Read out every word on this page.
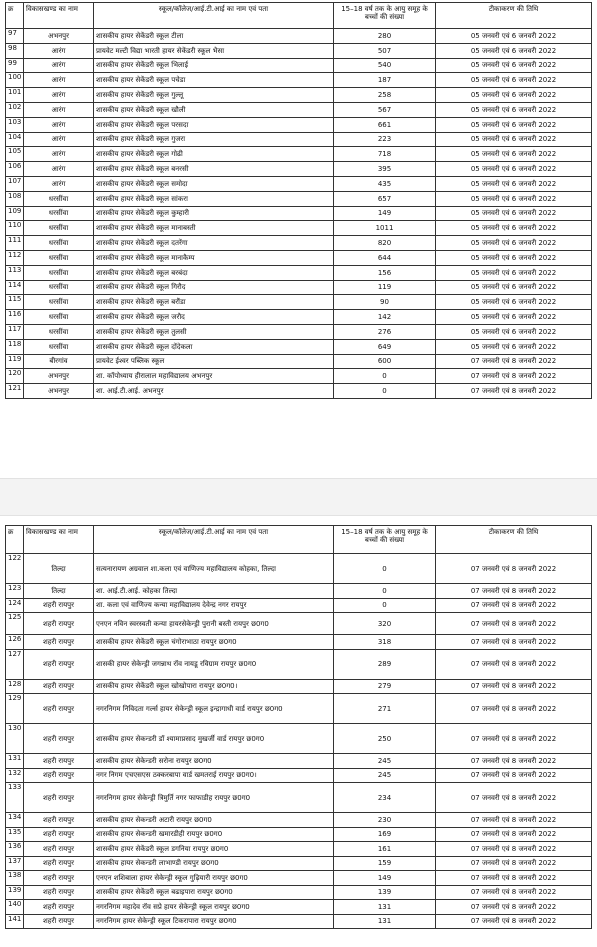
क्र	विकासखण्ड का नाम	स्कूल/कॉलेज/आई.टी.आई का नाम एवं पता	15–18 वर्ष तक के आयु समूह के बच्चों की संख्या	टीकाकरण की तिथि
97	अभनपुर	शासकीय हायर सेकेंडरी स्कूल टीला	280	05 जनवरी एवं 6 जनवरी 2022
98	आरंग	प्रायवेट मल्टी विद्या भारती हायर सेकेंडरी स्कूल भैसा	507	05 जनवरी एवं 6 जनवरी 2022
99	आरंग	शासकीय हायर सेकेंडरी स्कूल भिलाई	540	05 जनवरी एवं 6 जनवरी 2022
100	आरंग	शासकीय हायर सेकेंडरी स्कूल पचेडा	187	05 जनवरी एवं 6 जनवरी 2022
101	आरंग	शासकीय हायर सेकेंडरी स्कूल गुल्लू	258	05 जनवरी एवं 6 जनवरी 2022
102	आरंग	शासकीय हायर सेकेंडरी स्कूल खौली	567	05 जनवरी एवं 6 जनवरी 2022
103	आरंग	शासकीय हायर सेकेंडरी स्कूल परसदा	661	05 जनवरी एवं 6 जनवरी 2022
104	आरंग	शासकीय हायर सेकेंडरी स्कूल गुजरा	223	05 जनवरी एवं 6 जनवरी 2022
105	आरंग	शासकीय हायर सेकेंडरी स्कूल गोढी	718	05 जनवरी एवं 6 जनवरी 2022
106	आरंग	शासकीय हायर सेकेंडरी स्कूल बनरसी	395	05 जनवरी एवं 6 जनवरी 2022
107	आरंग	शासकीय हायर सेकेंडरी स्कूल समोदा	435	05 जनवरी एवं 6 जनवरी 2022
108	धरसींवा	शासकीय हायर सेकेंडरी स्कूल सांकरा	657	05 जनवरी एवं 6 जनवरी 2022
109	धरसींवा	शासकीय हायर सेकेंडरी स्कूल कुम्हारी	149	05 जनवरी एवं 6 जनवरी 2022
110	धरसींवा	शासकीय हायर सेकेंडरी स्कूल मानाबस्ती	1011	05 जनवरी एवं 6 जनवरी 2022
111	धरसींवा	शासकीय हायर सेकेंडरी स्कूल दतरेंगा	820	05 जनवरी एवं 6 जनवरी 2022
112	धरसींवा	शासकीय हायर सेकेंडरी स्कूल मानाकैम्प	644	05 जनवरी एवं 6 जनवरी 2022
113	धरसींवा	शासकीय हायर सेकेंडरी स्कूल बरबंदा	156	05 जनवरी एवं 6 जनवरी 2022
114	धरसींवा	शासकीय हायर सेकेंडरी स्कूल गिरौद	119	05 जनवरी एवं 6 जनवरी 2022
115	धरसींवा	शासकीय हायर सेकेंडरी स्कूल बरौंडा	90	05 जनवरी एवं 6 जनवरी 2022
116	धरसींवा	शासकीय हायर सेकेंडरी स्कूल जरौद	142	05 जनवरी एवं 6 जनवरी 2022
117	धरसींवा	शासकीय हायर सेकेंडरी स्कूल तुलसी	276	05 जनवरी एवं 6 जनवरी 2022
118	धरसींवा	शासकीय हायर सेकेंडरी स्कूल दोंदेकला	649	05 जनवरी एवं 6 जनवरी 2022
119	बीरगांव	प्रायवेट ईश्वर पब्लिक स्कूल	600	07 जनवरी एवं 8 जनवरी 2022
120	अभनपुर	शा. कॉपोध्याय हीरालाल महाविद्यालय अभनपुर	0	07 जनवरी एवं 8 जनवरी 2022
121	अभनपुर	शा. आई.टी.आई. अभनपुर	0	07 जनवरी एवं 8 जनवरी 2022
क्र	विकासखण्ड का नाम	स्कूल/कॉलेज/आई.टी.आई का नाम एवं पता	15–18 वर्ष तक के आयु समूह के बच्चों की संख्या	टीकाकरण की तिथि
122	तिल्दा	सत्यनारायण अग्रवाल शा.कला एवं वाणिज्य महाविद्यालय कोहका, तिल्दा	0	07 जनवरी एवं 8 जनवरी 2022
123	तिल्दा	शा. आई.टी.आई. कोहका तिल्दा	0	07 जनवरी एवं 8 जनवरी 2022
124	शहरी रायपुर	शा. कला एवं वाणिज्य कन्या महाविद्यालय देवेन्द्र नगर रायपुर	0	07 जनवरी एवं 8 जनवरी 2022
125	शहरी रायपुर	एनएन नविन स्वरस्वती कन्या हायरसेकेन्ड्री पुरानी बस्ती रायपुर छ0ग0	320	07 जनवरी एवं 8 जनवरी 2022
126	शहरी रायपुर	शासकीय हायर सेकेंडरी स्कूल चंगोराभाठा रायपुर छ0ग0	318	07 जनवरी एवं 8 जनवरी 2022
127	शहरी रायपुर	शासकी हायर सेकेन्ड्री जगन्नाथ रॉव नायडू रविग्राम रायपुर छ0ग0	289	07 जनवरी एवं 8 जनवरी 2022
128	शहरी रायपुर	शासकीय हायर सेकेंडरी स्कूल खोखोपारा रायपुर छ0ग0।	279	07 जनवरी एवं 8 जनवरी 2022
129	शहरी रायपुर	नगरनिगम निविदता गर्ल्स हायर सेकेन्ड्री स्कूल इन्द्रागाधी वार्ड रायपुर छ0ग0	271	07 जनवरी एवं 8 जनवरी 2022
130	शहरी रायपुर	शासकीय हायर सेकन्डरी डॉ श्यामाप्रसाद मुखर्जी वार्ड रायपुर छ0ग0	250	07 जनवरी एवं 8 जनवरी 2022
131	शहरी रायपुर	शासकीय हायर सेकेन्डरी सरोना रायपुर छ0ग0	245	07 जनवरी एवं 8 जनवरी 2022
132	शहरी रायपुर	नगर निगम एचएसएस ठक्करबापा वार्ड खमतराई रायपुर छ0ग0।	245	07 जनवरी एवं 8 जनवरी 2022
133	शहरी रायपुर	नगरनिगम हायर सेकेन्ड्री त्रिमुर्ति नगर फाफाडीह रायपुर छ0ग0	234	07 जनवरी एवं 8 जनवरी 2022
134	शहरी रायपुर	शासकीय हायर सेकन्डरी अटारी रायपुर छ0ग0	230	07 जनवरी एवं 8 जनवरी 2022
135	शहरी रायपुर	शासकीय हायर सेकन्डरी खमारडीही रायपुर छ0ग0	169	07 जनवरी एवं 8 जनवरी 2022
136	शहरी रायपुर	शासकीय हायर सेकेंडरी स्कूल डगनिया रायपुर छ0ग0	161	07 जनवरी एवं 8 जनवरी 2022
137	शहरी रायपुर	शासकीय हायर सेकन्डरी लाभाण्डी रायपुर छ0ग0	159	07 जनवरी एवं 8 जनवरी 2022
138	शहरी रायपुर	एनएन शशिबाला हायर सेकेन्ड्री स्कूल गुढ़ियारी रायपुर छ0ग0	149	07 जनवरी एवं 8 जनवरी 2022
139	शहरी रायपुर	शासकीय हायर सेकेंडरी स्कूल बढाइपारा रायपुर छ0ग0	139	07 जनवरी एवं 8 जनवरी 2022
140	शहरी रायपुर	नगरनिगम महादेव रॉव सप्रे हायर सेकेन्ड्री स्कूल रायपुर छ0ग0	131	07 जनवरी एवं 8 जनवरी 2022
141	शहरी रायपुर	नगरनिगम हायर सेकेन्ड्री स्कूल टिकरापारा रायपुर छ0ग0	131	07 जनवरी एवं 8 जनवरी 2022
